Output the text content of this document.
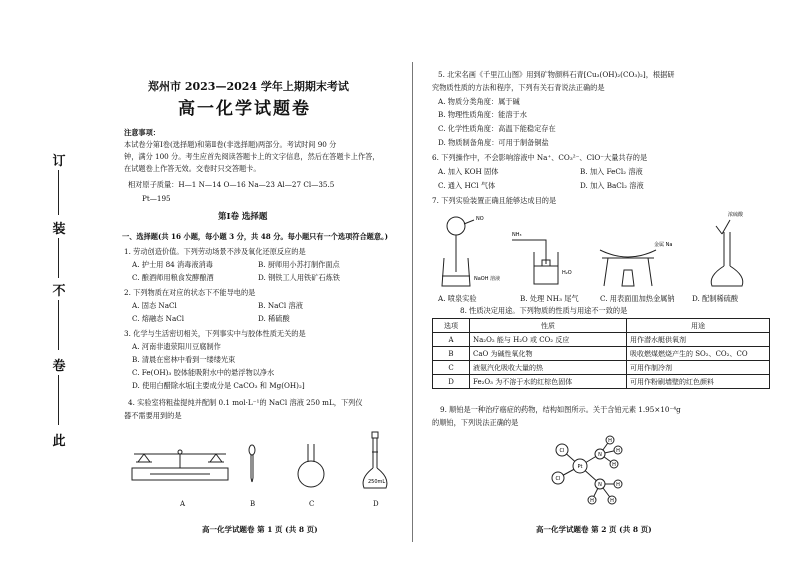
订
装
不
卷
此
郑州市 2023—2024 学年上期期末考试
高一化学试题卷
注意事项：
本试卷分第Ⅰ卷(选择题)和第Ⅱ卷(非选择题)两部分。考试时间 90 分
钟，满分 100 分。考生应首先阅读答题卡上的文字信息，然后在答题卡上作答，
在试题卷上作答无效。交卷时只交答题卡。
相对原子质量：H—1 N—14 O—16 Na—23 Al—27 Cl—35.5
Pt—195
第Ⅰ卷 选择题
一、选择题(共 16 小题，每小题 3 分，共 48 分。每小题只有一个选项符合题意。)
1. 劳动创造价值。下列劳动场景不涉及氧化还原反应的是
A. 护士用 84 消毒液消毒	B. 厨师用小苏打制作面点
C. 酿酒师用粮食发酵酿酒	D. 钢铁工人用铁矿石炼铁
2. 下列物质在对应的状态下不能导电的是
A. 固态 NaCl	B. NaCl 溶液
C. 熔融态 NaCl	D. 稀硫酸
3. 化学与生活密切相关，下列事实中与胶体性质无关的是
A. 河南非遗荥阳川豆腐制作
B. 清晨在密林中看到一缕缕光束
C. Fe(OH)₃ 胶体能吸附水中的悬浮物以净水
D. 使用白醋除水垢[主要成分是 CaCO₃ 和 Mg(OH)₂]
4. 实验室将粗盐提纯并配制 0.1 mol·L⁻¹的 NaCl 溶液 250 mL，下列仪
器不需要用到的是
250mL
A	B	C	D
高一化学试题卷 第 1 页 (共 8 页)
5. 北宋名画《千里江山图》用到矿物颜料石青[Cu₃(OH)₂(CO₃)₂]，根据研
究物质性质的方法和程序，下列有关石青说法正确的是
A. 物质分类角度：属于碱
B. 物理性质角度：能溶于水
C. 化学性质角度：高温下能稳定存在
D. 物质制备角度：可用于制备铜盐
6. 下列操作中，不会影响溶液中 Na⁺、CO₃²⁻、ClO⁻大量共存的是
A. 加入 KOH 固体	B. 加入 FeCl₂ 溶液
C. 通入 HCl 气体	D. 加入 BaCl₂ 溶液
7. 下列实验装置正确且能够达成目的是
NO
NaOH 溶液
NH₃
H₂O
金属 Na
浓硫酸
A. 喷泉实验	B. 处理 NH₃ 尾气	C. 用表面皿加热金属钠 D. 配制稀硫酸
8. 性质决定用途。下列物质的性质与用途不一致的是
选项	性质	用途
A	Na₂O₂ 能与 H₂O 或 CO₂ 反应	用作潜水艇供氧剂
B	CaO 为碱性氧化物	吸收燃煤燃烧产生的 SO₂、CO₂、CO
C	液氨汽化吸收大量的热	可用作制冷剂
D	Fe₂O₃ 为不溶于水的红棕色固体	可用作粉刷墙壁的红色颜料
9. 顺铂是一种治疗癌症的药物，结构如图所示。关于含铂元素 1.95×10⁻⁴g
的顺铂，下列说法正确的是
Pt
Cl
Cl
N
N
H
H
H
H	H
H
高一化学试题卷 第 2 页 (共 8 页)
